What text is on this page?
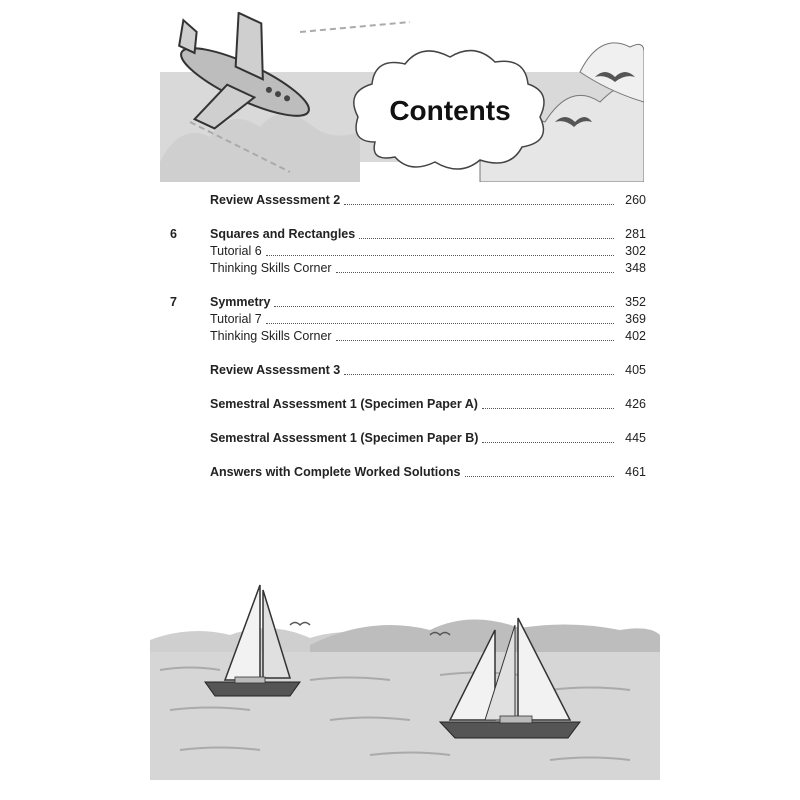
Contents
Review Assessment 2	260
6	Squares and Rectangles	281
Tutorial 6	302
Thinking Skills Corner	348
7	Symmetry	352
Tutorial 7	369
Thinking Skills Corner	402
Review Assessment 3	405
Semestral Assessment 1 (Specimen Paper A)	426
Semestral Assessment 1 (Specimen Paper B)	445
Answers with Complete Worked Solutions	461
